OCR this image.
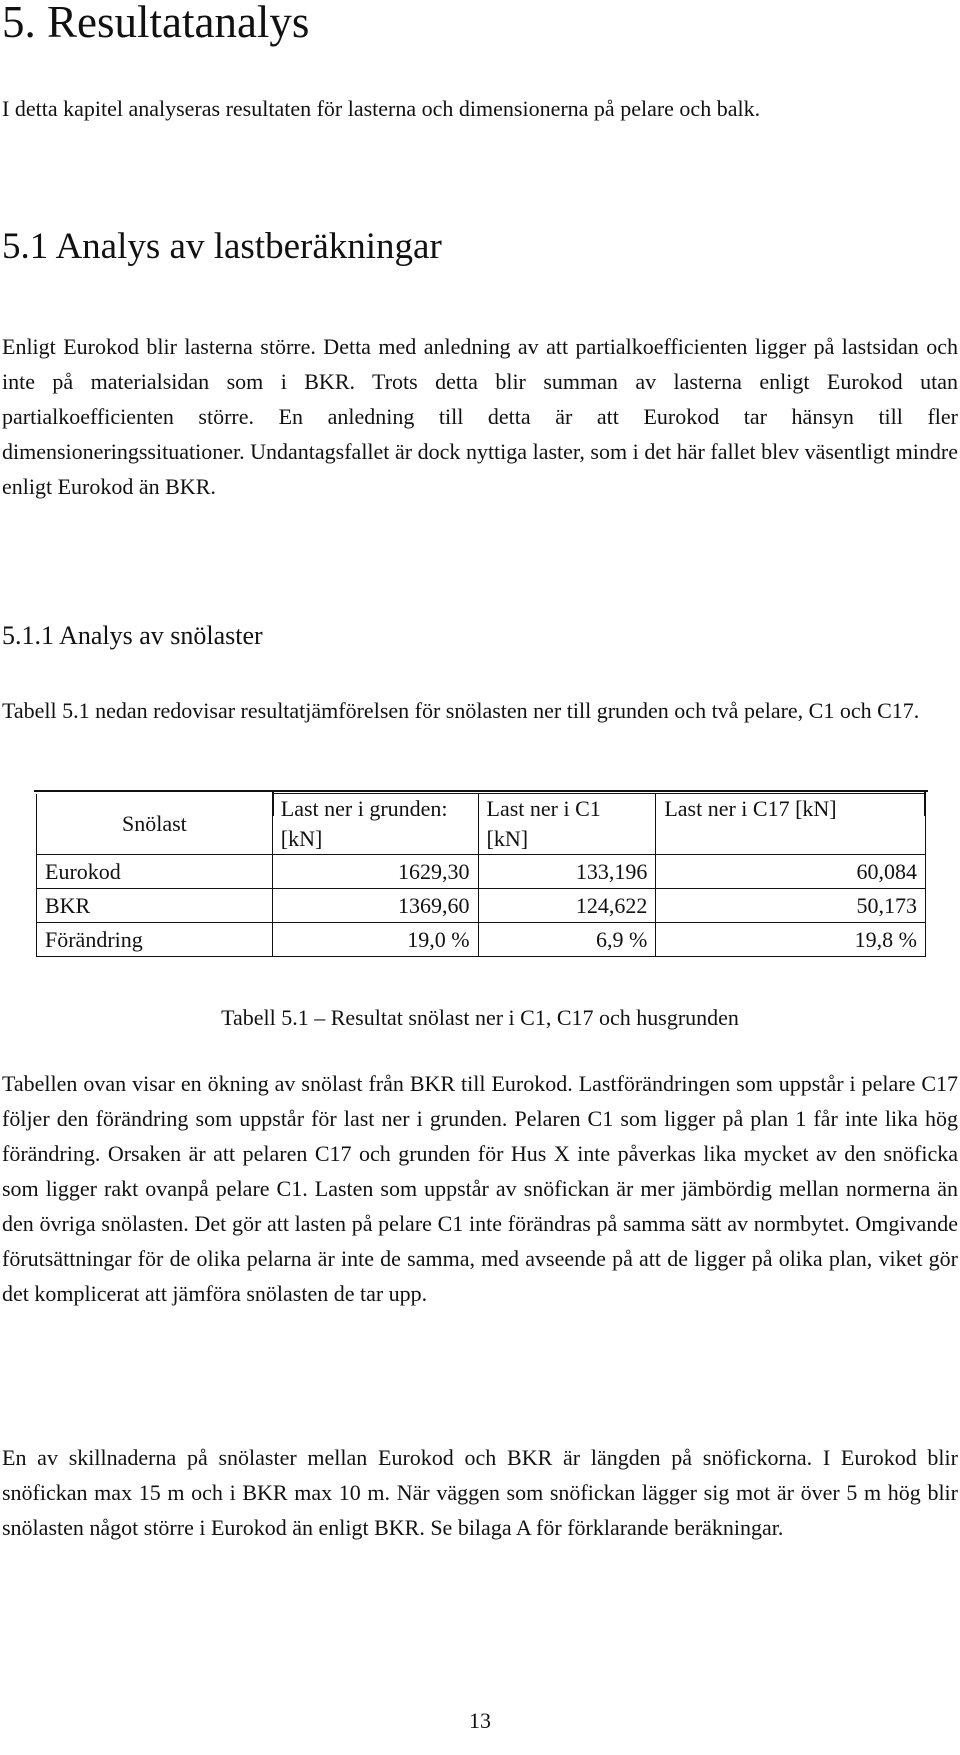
5. Resultatanalys

I detta kapitel analyseras resultaten för lasterna och dimensionerna på pelare och balk.

5.1 Analys av lastberäkningar

Enligt Eurokod blir lasterna större. Detta med anledning av att partialkoefficienten ligger på lastsidan och inte på materialsidan som i BKR. Trots detta blir summan av lasterna enligt Eurokod utan partialkoefficienten större. En anledning till detta är att Eurokod tar hänsyn till fler dimensioneringssituationer. Undantagsfallet är dock nyttiga laster, som i det här fallet blev väsentligt mindre enligt Eurokod än BKR.

5.1.1 Analys av snölaster

Tabell 5.1 nedan redovisar resultatjämförelsen för snölasten ner till grunden och två pelare, C1 och C17.

Snölast	Last ner i grunden: [kN]	Last ner i C1 [kN]	Last ner i C17 [kN]
Eurokod	1629,30	133,196	60,084
BKR	1369,60	124,622	50,173
Förändring	19,0 %	6,9 %	19,8 %

Tabell 5.1 – Resultat snölast ner i C1, C17 och husgrunden

Tabellen ovan visar en ökning av snölast från BKR till Eurokod. Lastförändringen som uppstår i pelare C17 följer den förändring som uppstår för last ner i grunden. Pelaren C1 som ligger på plan 1 får inte lika hög förändring. Orsaken är att pelaren C17 och grunden för Hus X inte påverkas lika mycket av den snöficka som ligger rakt ovanpå pelare C1. Lasten som uppstår av snöfickan är mer jämbördig mellan normerna än den övriga snölasten. Det gör att lasten på pelare C1 inte förändras på samma sätt av normbytet. Omgivande förutsättningar för de olika pelarna är inte de samma, med avseende på att de ligger på olika plan, viket gör det komplicerat att jämföra snölasten de tar upp.

En av skillnaderna på snölaster mellan Eurokod och BKR är längden på snöfickorna. I Eurokod blir snöfickan max 15 m och i BKR max 10 m. När väggen som snöfickan lägger sig mot är över 5 m hög blir snölasten något större i Eurokod än enligt BKR. Se bilaga A för förklarande beräkningar.

13
